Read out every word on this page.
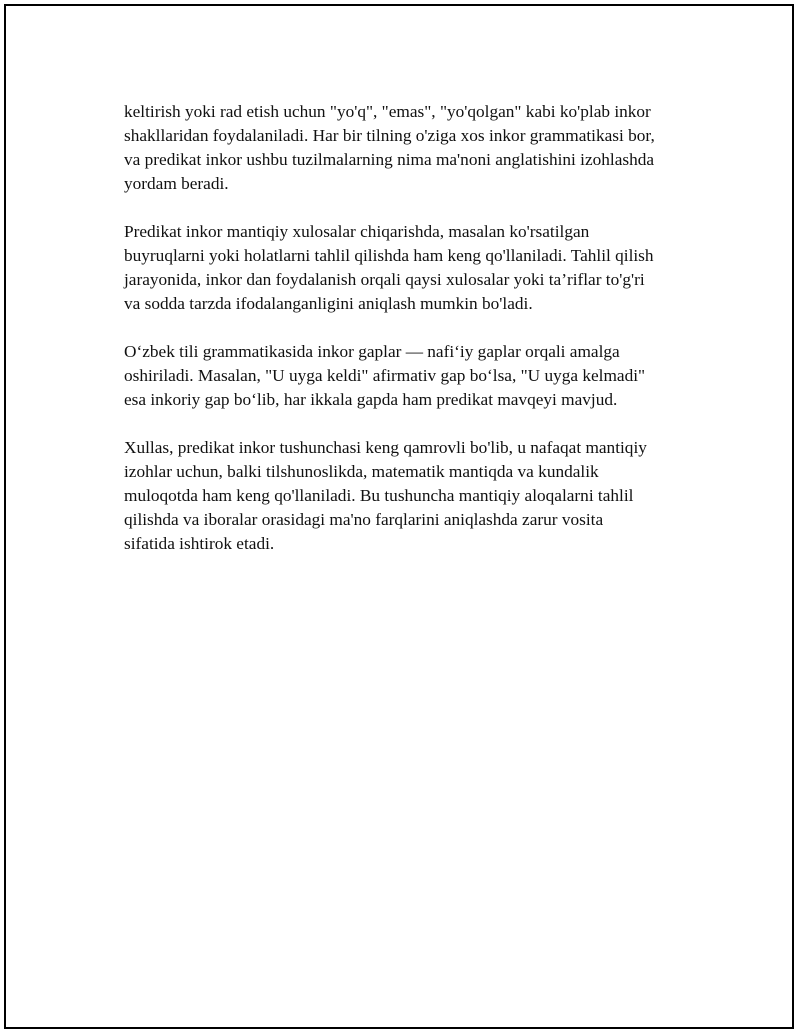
keltirish yoki rad etish uchun "yo'q", "emas", "yo'qolgan" kabi ko'plab inkor
shakllaridan foydalaniladi. Har bir tilning o'ziga xos inkor grammatikasi bor,
va predikat inkor ushbu tuzilmalarning nima ma'noni anglatishini izohlashda
yordam beradi.

Predikat inkor mantiqiy xulosalar chiqarishda, masalan ko'rsatilgan
buyruqlarni yoki holatlarni tahlil qilishda ham keng qo'llaniladi. Tahlil qilish
jarayonida, inkor dan foydalanish orqali qaysi xulosalar yoki ta’riflar to'g'ri
va sodda tarzda ifodalanganligini aniqlash mumkin bo'ladi.

O‘zbek tili grammatikasida inkor gaplar — nafi‘iy gaplar orqali amalga
oshiriladi. Masalan, "U uyga keldi" afirmativ gap bo‘lsa, "U uyga kelmadi"
esa inkoriy gap bo‘lib, har ikkala gapda ham predikat mavqeyi mavjud.

Xullas, predikat inkor tushunchasi keng qamrovli bo'lib, u nafaqat mantiqiy
izohlar uchun, balki tilshunoslikda, matematik mantiqda va kundalik
muloqotda ham keng qo'llaniladi. Bu tushuncha mantiqiy aloqalarni tahlil
qilishda va iboralar orasidagi ma'no farqlarini aniqlashda zarur vosita
sifatida ishtirok etadi.
